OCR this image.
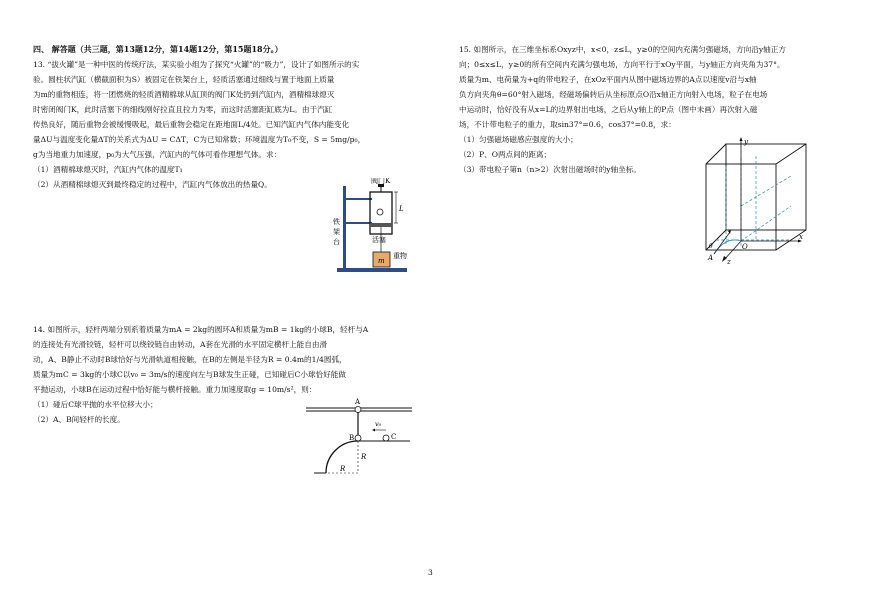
四、 解答题（共三题，第13题12分，第14题12分，第15题18分。）

13. “拔火罐”是一种中医的传统疗法，某实验小组为了探究“火罐”的“吸力”，设计了如图所示的实

验。圆柱状汽缸（横截面积为S）被固定在铁架台上，轻质活塞通过细线与置于地面上质量

为m的重物相连，将一团燃烧的轻质酒精棉球从缸顶的阀门K处扔到汽缸内，酒精棉球熄灭

时密闭阀门K，此时活塞下的细线刚好拉直且拉力为零，而这时活塞距缸底为L。由于汽缸

传热良好，随后重物会被缓慢吸起，最后重物会稳定在距地面L/4处。已知汽缸内气体内能变化

量ΔU与温度变化量ΔT的关系式为ΔU = CΔT，C为已知常数；环境温度为T₀不变，S = 5mg/p₀，

g为当地重力加速度，p₀为大气压强，汽缸内的气体可看作理想气体。求：

（1）酒精棉球熄灭时，汽缸内气体的温度T₁

（2）从酒精棉球熄灭到最终稳定的过程中，汽缸内气体放出的热量Q。

L
m
阀门K
铁
架
台	活塞
重物

14. 如图所示，轻杆两端分别系着质量为mA = 2kg的圆环A和质量为mB = 1kg的小球B，轻杆与A

的连接处有光滑铰链，轻杆可以绕铰链自由转动，A套在光滑的水平固定横杆上能自由滑

动，A、B静止不动时B球恰好与光滑轨道相接触，在B的左侧是半径为R = 0.4m的1/4圆弧，

质量为mC = 3kg的小球C以v₀ = 3m/s的速度向左与B球发生正碰，已知碰后C小球恰好能做

平抛运动，小球B在运动过程中恰好能与横杆接触。重力加速度取g = 10m/s²，则：

（1）碰后C球平抛的水平位移大小；

（2）A、B间轻杆的长度。

A
B	C
v₀
R
R

15. 如图所示，在三维坐标系Oxyz中，x<0，z≤L，y≥0的空间内充满匀强磁场，方向沿y轴正方

向；0≤x≤L，y≥0的所有空间内充满匀强电场，方向平行于xOy平面，与y轴正方向夹角为37°。

质量为m、电荷量为+q的带电粒子，在xOz平面内从图中磁场边界的A点以速度v沿与x轴

负方向夹角θ=60°射入磁场，经磁场偏转后从坐标原点O沿x轴正方向射入电场，粒子在电场

中运动时，恰好没有从x=L的边界射出电场，之后从y轴上的P点（图中未画）再次射入磁

场，不计带电粒子的重力，取sin37°=0.6，cos37°=0.8，求：

（1）匀强磁场磁感应强度的大小；

（2）P、O两点间的距离；

（3）带电粒子第n（n>2）次射出磁场时的y轴坐标。

y
x
z
O
A
θ
3
